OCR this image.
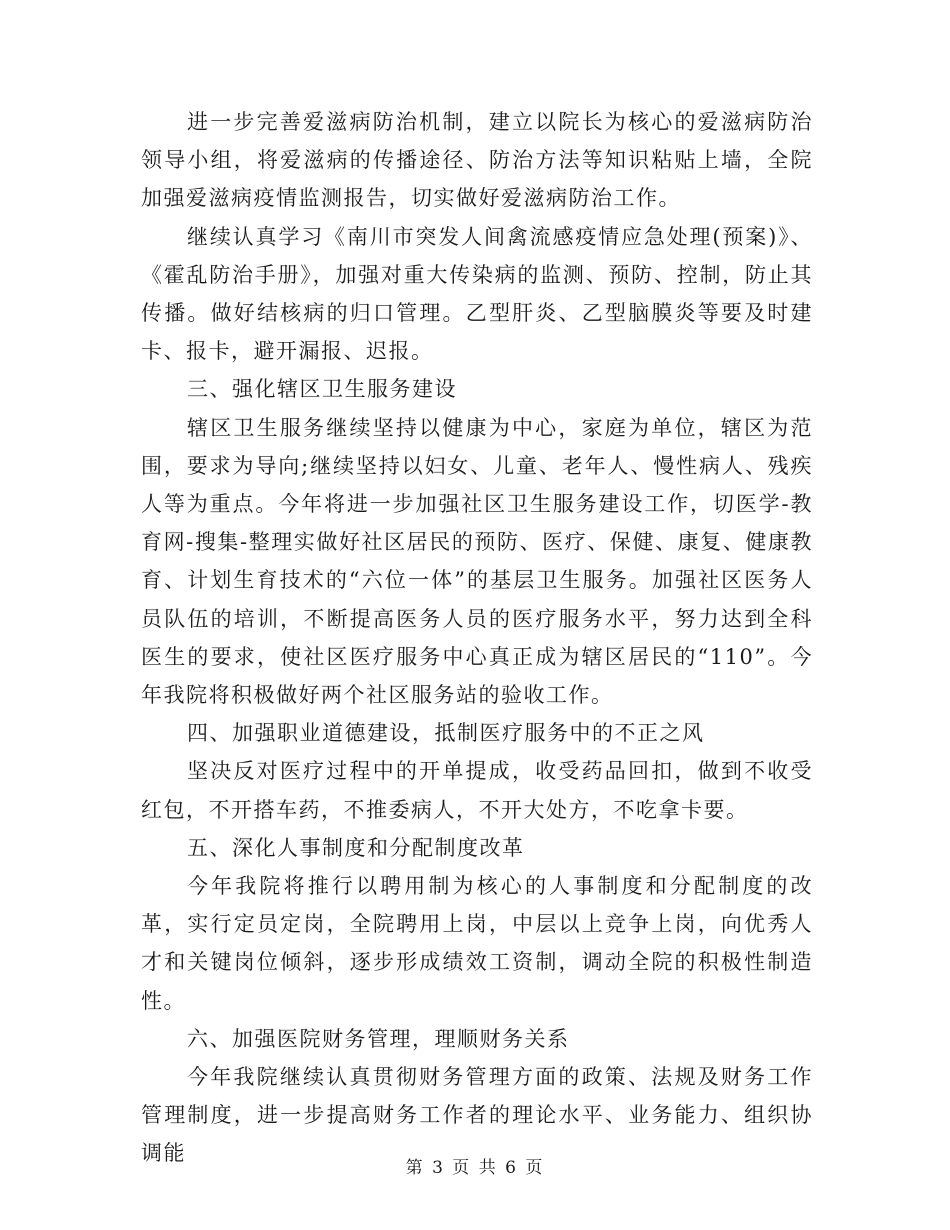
进一步完善爱滋病防治机制，建立以院长为核心的爱滋病防治领导小组，将爱滋病的传播途径、防治方法等知识粘贴上墙，全院加强爱滋病疫情监测报告，切实做好爱滋病防治工作。

继续认真学习《南川市突发人间禽流感疫情应急处理(预案)》、《霍乱防治手册》，加强对重大传染病的监测、预防、控制，防止其传播。做好结核病的归口管理。乙型肝炎、乙型脑膜炎等要及时建卡、报卡，避开漏报、迟报。

三、强化辖区卫生服务建设

辖区卫生服务继续坚持以健康为中心，家庭为单位，辖区为范围，要求为导向;继续坚持以妇女、儿童、老年人、慢性病人、残疾人等为重点。今年将进一步加强社区卫生服务建设工作，切医学-教育网-搜集-整理实做好社区居民的预防、医疗、保健、康复、健康教育、计划生育技术的“六位一体”的基层卫生服务。加强社区医务人员队伍的培训，不断提高医务人员的医疗服务水平，努力达到全科医生的要求，使社区医疗服务中心真正成为辖区居民的“110”。今年我院将积极做好两个社区服务站的验收工作。

四、加强职业道德建设，抵制医疗服务中的不正之风

坚决反对医疗过程中的开单提成，收受药品回扣，做到不收受红包，不开搭车药，不推委病人，不开大处方，不吃拿卡要。

五、深化人事制度和分配制度改革

今年我院将推行以聘用制为核心的人事制度和分配制度的改革，实行定员定岗，全院聘用上岗，中层以上竞争上岗，向优秀人才和关键岗位倾斜，逐步形成绩效工资制，调动全院的积极性制造性。

六、加强医院财务管理，理顺财务关系

今年我院继续认真贯彻财务管理方面的政策、法规及财务工作管理制度，进一步提高财务工作者的理论水平、业务能力、组织协调能

第 3 页 共 6 页
